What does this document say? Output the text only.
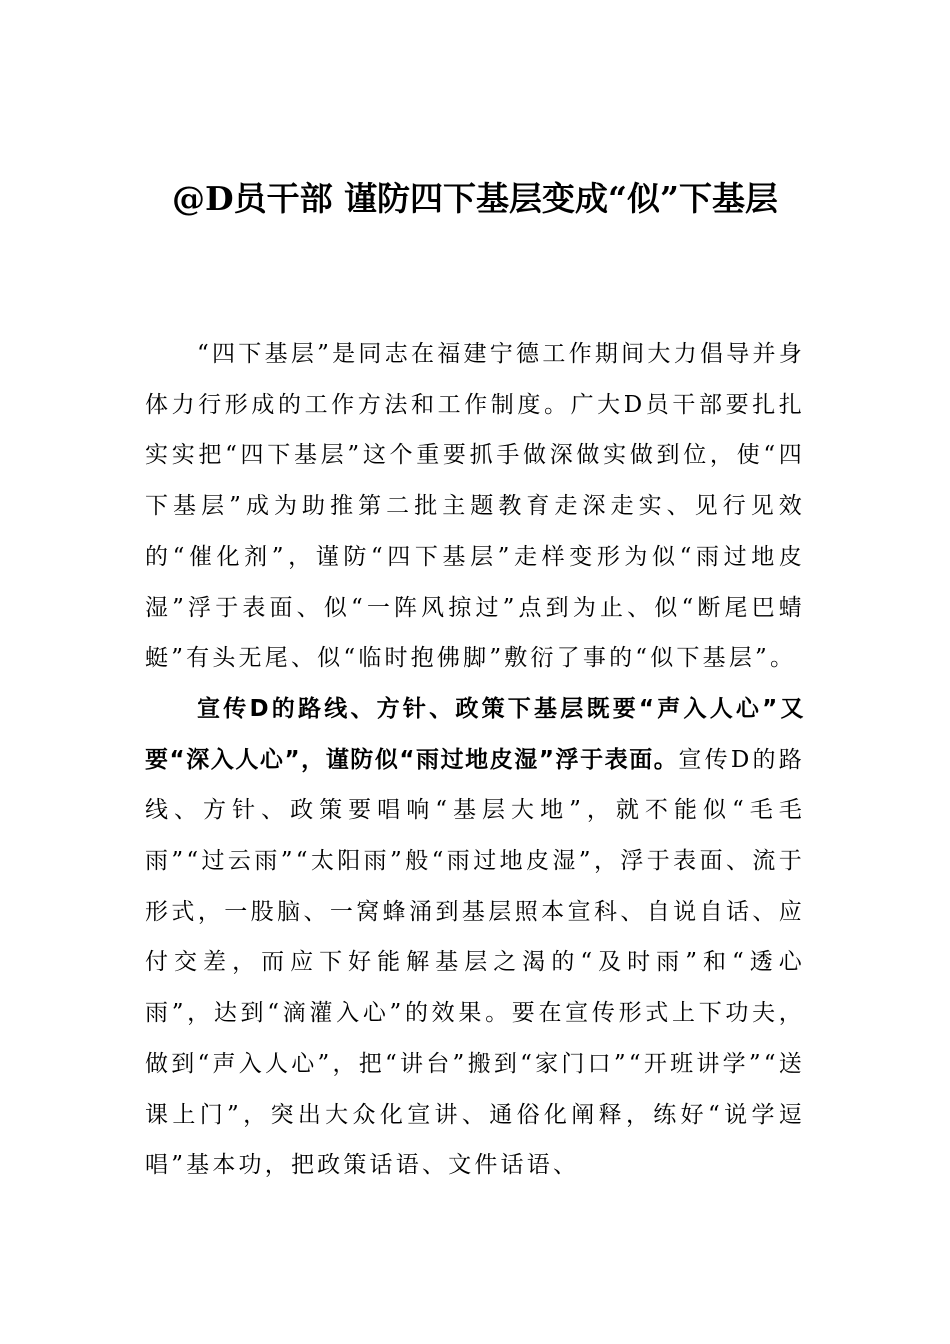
@D员干部 谨防四下基层变成“似”下基层

“四下基层”是同志在福建宁德工作期间大力倡导并身体力行形成的工作方法和工作制度。广大D员干部要扎扎实实把“四下基层”这个重要抓手做深做实做到位，使“四下基层”成为助推第二批主题教育走深走实、见行见效的“催化剂”，谨防“四下基层”走样变形为似“雨过地皮湿”浮于表面、似“一阵风掠过”点到为止、似“断尾巴蜻蜓”有头无尾、似“临时抱佛脚”敷衍了事的“似下基层”。

宣传D的路线、方针、政策下基层既要“声入人心”又要“深入人心”，谨防似“雨过地皮湿”浮于表面。宣传D的路线、方针、政策要唱响“基层大地”，就不能似“毛毛雨”“过云雨”“太阳雨”般“雨过地皮湿”，浮于表面、流于形式，一股脑、一窝蜂涌到基层照本宣科、自说自话、应付交差，而应下好能解基层之渴的“及时雨”和“透心雨”，达到“滴灌入心”的效果。要在宣传形式上下功夫，做到“声入人心”，把“讲台”搬到“家门口”“开班讲学”“送课上门”，突出大众化宣讲、通俗化阐释，练好“说学逗唱”基本功，把政策话语、文件话语、
